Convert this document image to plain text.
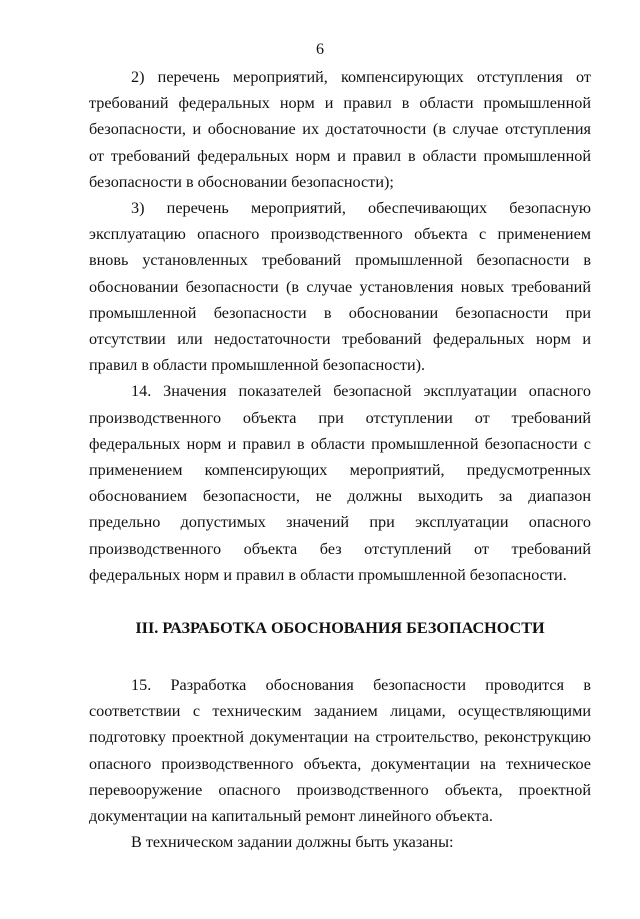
6

2) перечень мероприятий, компенсирующих отступления от требований федеральных норм и правил в области промышленной безопасности, и обоснование их достаточности (в случае отступления от требований федеральных норм и правил в области промышленной безопасности в обосновании безопасности);

3) перечень мероприятий, обеспечивающих безопасную эксплуатацию опасного производственного объекта с применением вновь установленных требований промышленной безопасности в обосновании безопасности (в случае установления новых требований промышленной безопасности в обосновании безопасности при отсутствии или недостаточности требований федеральных норм и правил в области промышленной безопасности).

14. Значения показателей безопасной эксплуатации опасного производственного объекта при отступлении от требований федеральных норм и правил в области промышленной безопасности с применением компенсирующих мероприятий, предусмотренных обоснованием безопасности, не должны выходить за диапазон предельно допустимых значений при эксплуатации опасного производственного объекта без отступлений от требований федеральных норм и правил в области промышленной безопасности.

III. РАЗРАБОТКА ОБОСНОВАНИЯ БЕЗОПАСНОСТИ

15. Разработка обоснования безопасности проводится в соответствии с техническим заданием лицами, осуществляющими подготовку проектной документации на строительство, реконструкцию опасного производственного объекта, документации на техническое перевооружение опасного производственного объекта, проектной документации на капитальный ремонт линейного объекта.

В техническом задании должны быть указаны:
